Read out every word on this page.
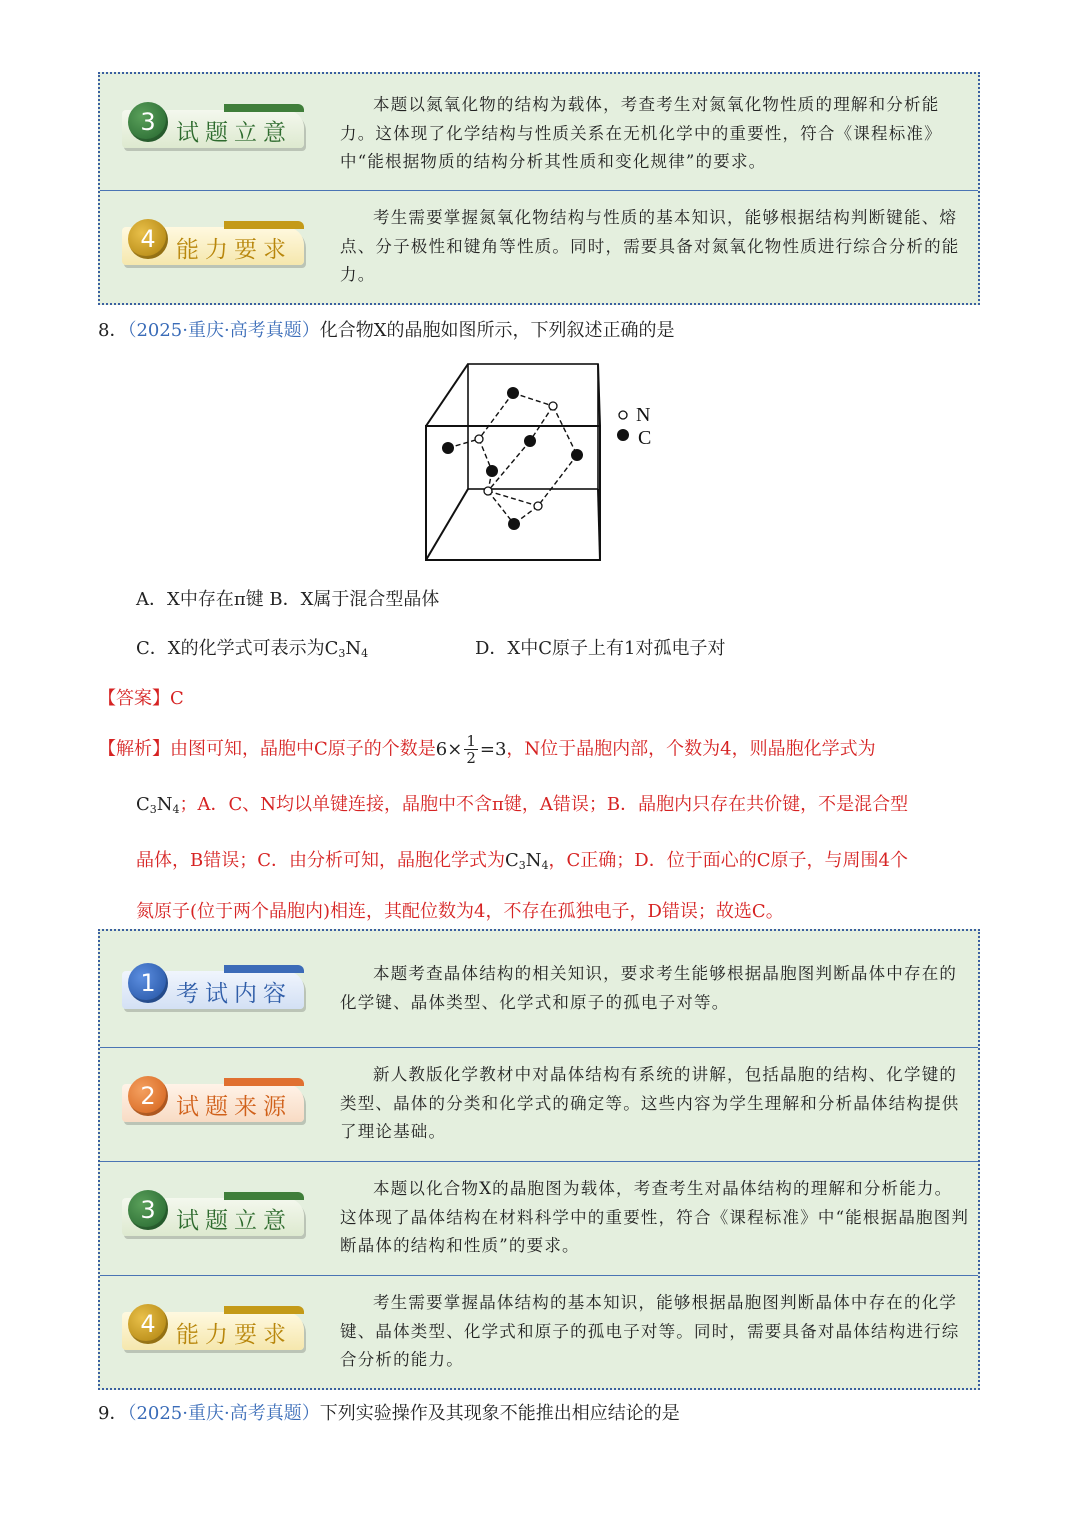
3 试题立意
本题以氮氧化物的结构为载体，考查考生对氮氧化物性质的理解和分析能力。这体现了化学结构与性质关系在无机化学中的重要性，符合《课程标准》中“能根据物质的结构分析其性质和变化规律”的要求。
4 能力要求
考生需要掌握氮氧化物结构与性质的基本知识，能够根据结构判断键能、熔点、分子极性和键角等性质。同时，需要具备对氮氧化物性质进行综合分析的能力。
8．（2025·重庆·高考真题）化合物X的晶胞如图所示，下列叙述正确的是
N
C
A．X中存在π键 B．X属于混合型晶体
C．X的化学式可表示为$C_3N_4$	D．X中C原子上有1对孤电子对
【答案】C
【解析】由图可知，晶胞中C原子的个数是$6\times \frac{1}{2} =3$，N位于晶胞内部，个数为4，则晶胞化学式为
$C_3N_4$；A．C、N均以单键连接，晶胞中不含π键，A错误；B．晶胞内只存在共价键，不是混合型
晶体，B错误；C．由分析可知，晶胞化学式为$C_3N_4$，C正确；D．位于面心的C原子，与周围4个
氮原子(位于两个晶胞内)相连，其配位数为4，不存在孤独电子，D错误；故选C。
1 考试内容
本题考查晶体结构的相关知识，要求考生能够根据晶胞图判断晶体中存在的化学键、晶体类型、化学式和原子的孤电子对等。
2 试题来源
新人教版化学教材中对晶体结构有系统的讲解，包括晶胞的结构、化学键的类型、晶体的分类和化学式的确定等。这些内容为学生理解和分析晶体结构提供了理论基础。
3 试题立意
本题以化合物X的晶胞图为载体，考查考生对晶体结构的理解和分析能力。这体现了晶体结构在材料科学中的重要性，符合《课程标准》中“能根据晶胞图判断晶体的结构和性质”的要求。
4 能力要求
考生需要掌握晶体结构的基本知识，能够根据晶胞图判断晶体中存在的化学键、晶体类型、化学式和原子的孤电子对等。同时，需要具备对晶体结构进行综合分析的能力。
9．（2025·重庆·高考真题）下列实验操作及其现象不能推出相应结论的是
